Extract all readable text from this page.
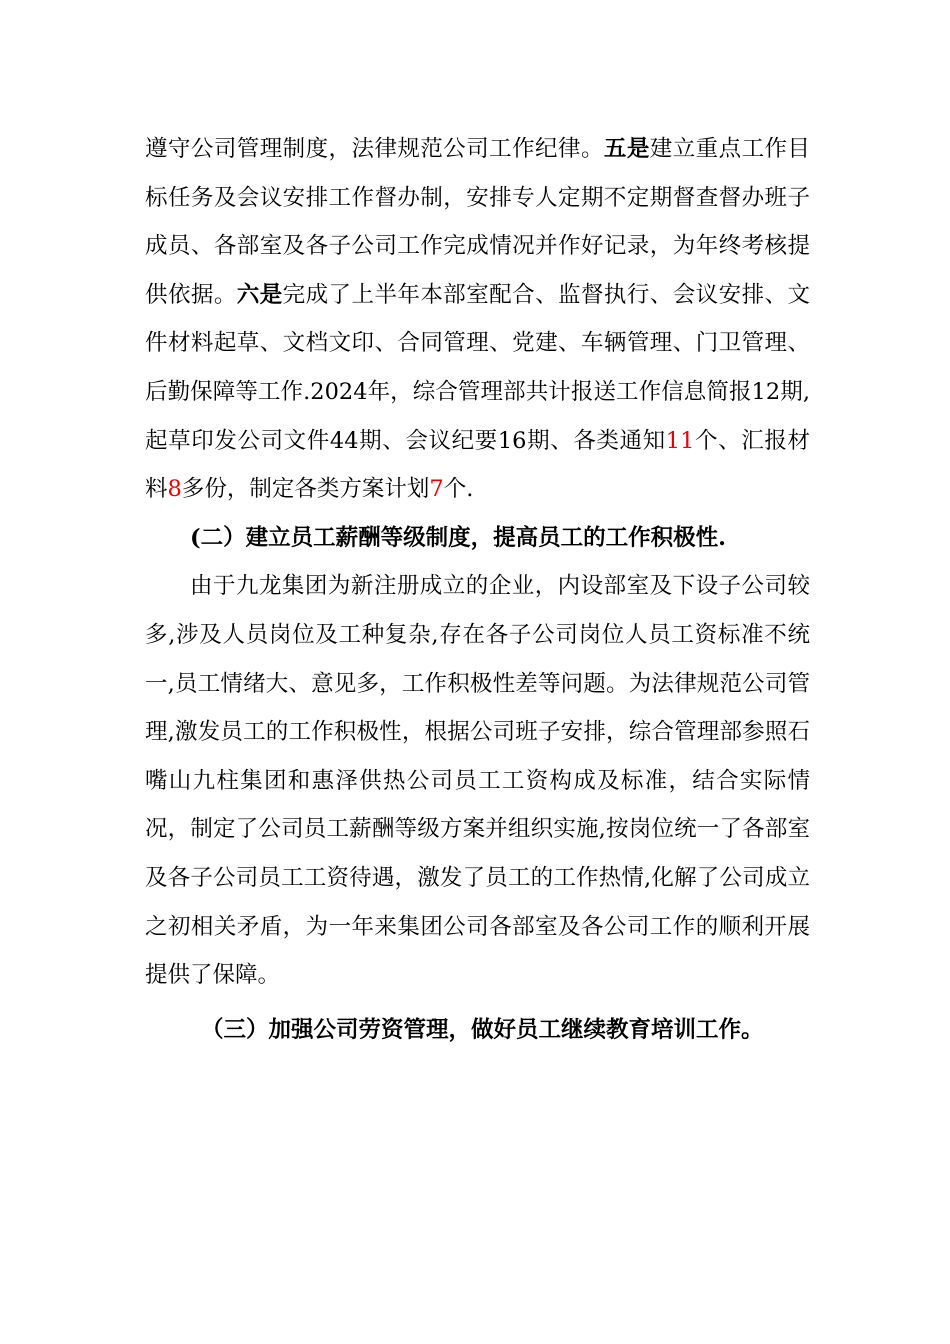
遵守公司管理制度，法律规范公司工作纪律。五是建立重点工作目标任务及会议安排工作督办制，安排专人定期不定期督查督办班子成员、各部室及各子公司工作完成情况并作好记录，为年终考核提供依据。六是完成了上半年本部室配合、监督执行、会议安排、文件材料起草、文档文印、合同管理、党建、车辆管理、门卫管理、后勤保障等工作.2024年，综合管理部共计报送工作信息简报12期,起草印发公司文件44期、会议纪要16期、各类通知11个、汇报材料8多份，制定各类方案计划7个.

(二）建立员工薪酬等级制度，提高员工的工作积极性.

由于九龙集团为新注册成立的企业，内设部室及下设子公司较多,涉及人员岗位及工种复杂,存在各子公司岗位人员工资标准不统一,员工情绪大、意见多，工作积极性差等问题。为法律规范公司管理,激发员工的工作积极性，根据公司班子安排，综合管理部参照石嘴山九柱集团和惠泽供热公司员工工资构成及标准，结合实际情况，制定了公司员工薪酬等级方案并组织实施,按岗位统一了各部室及各子公司员工工资待遇，激发了员工的工作热情,化解了公司成立之初相关矛盾，为一年来集团公司各部室及各公司工作的顺利开展提供了保障。

（三）加强公司劳资管理，做好员工继续教育培训工作。
